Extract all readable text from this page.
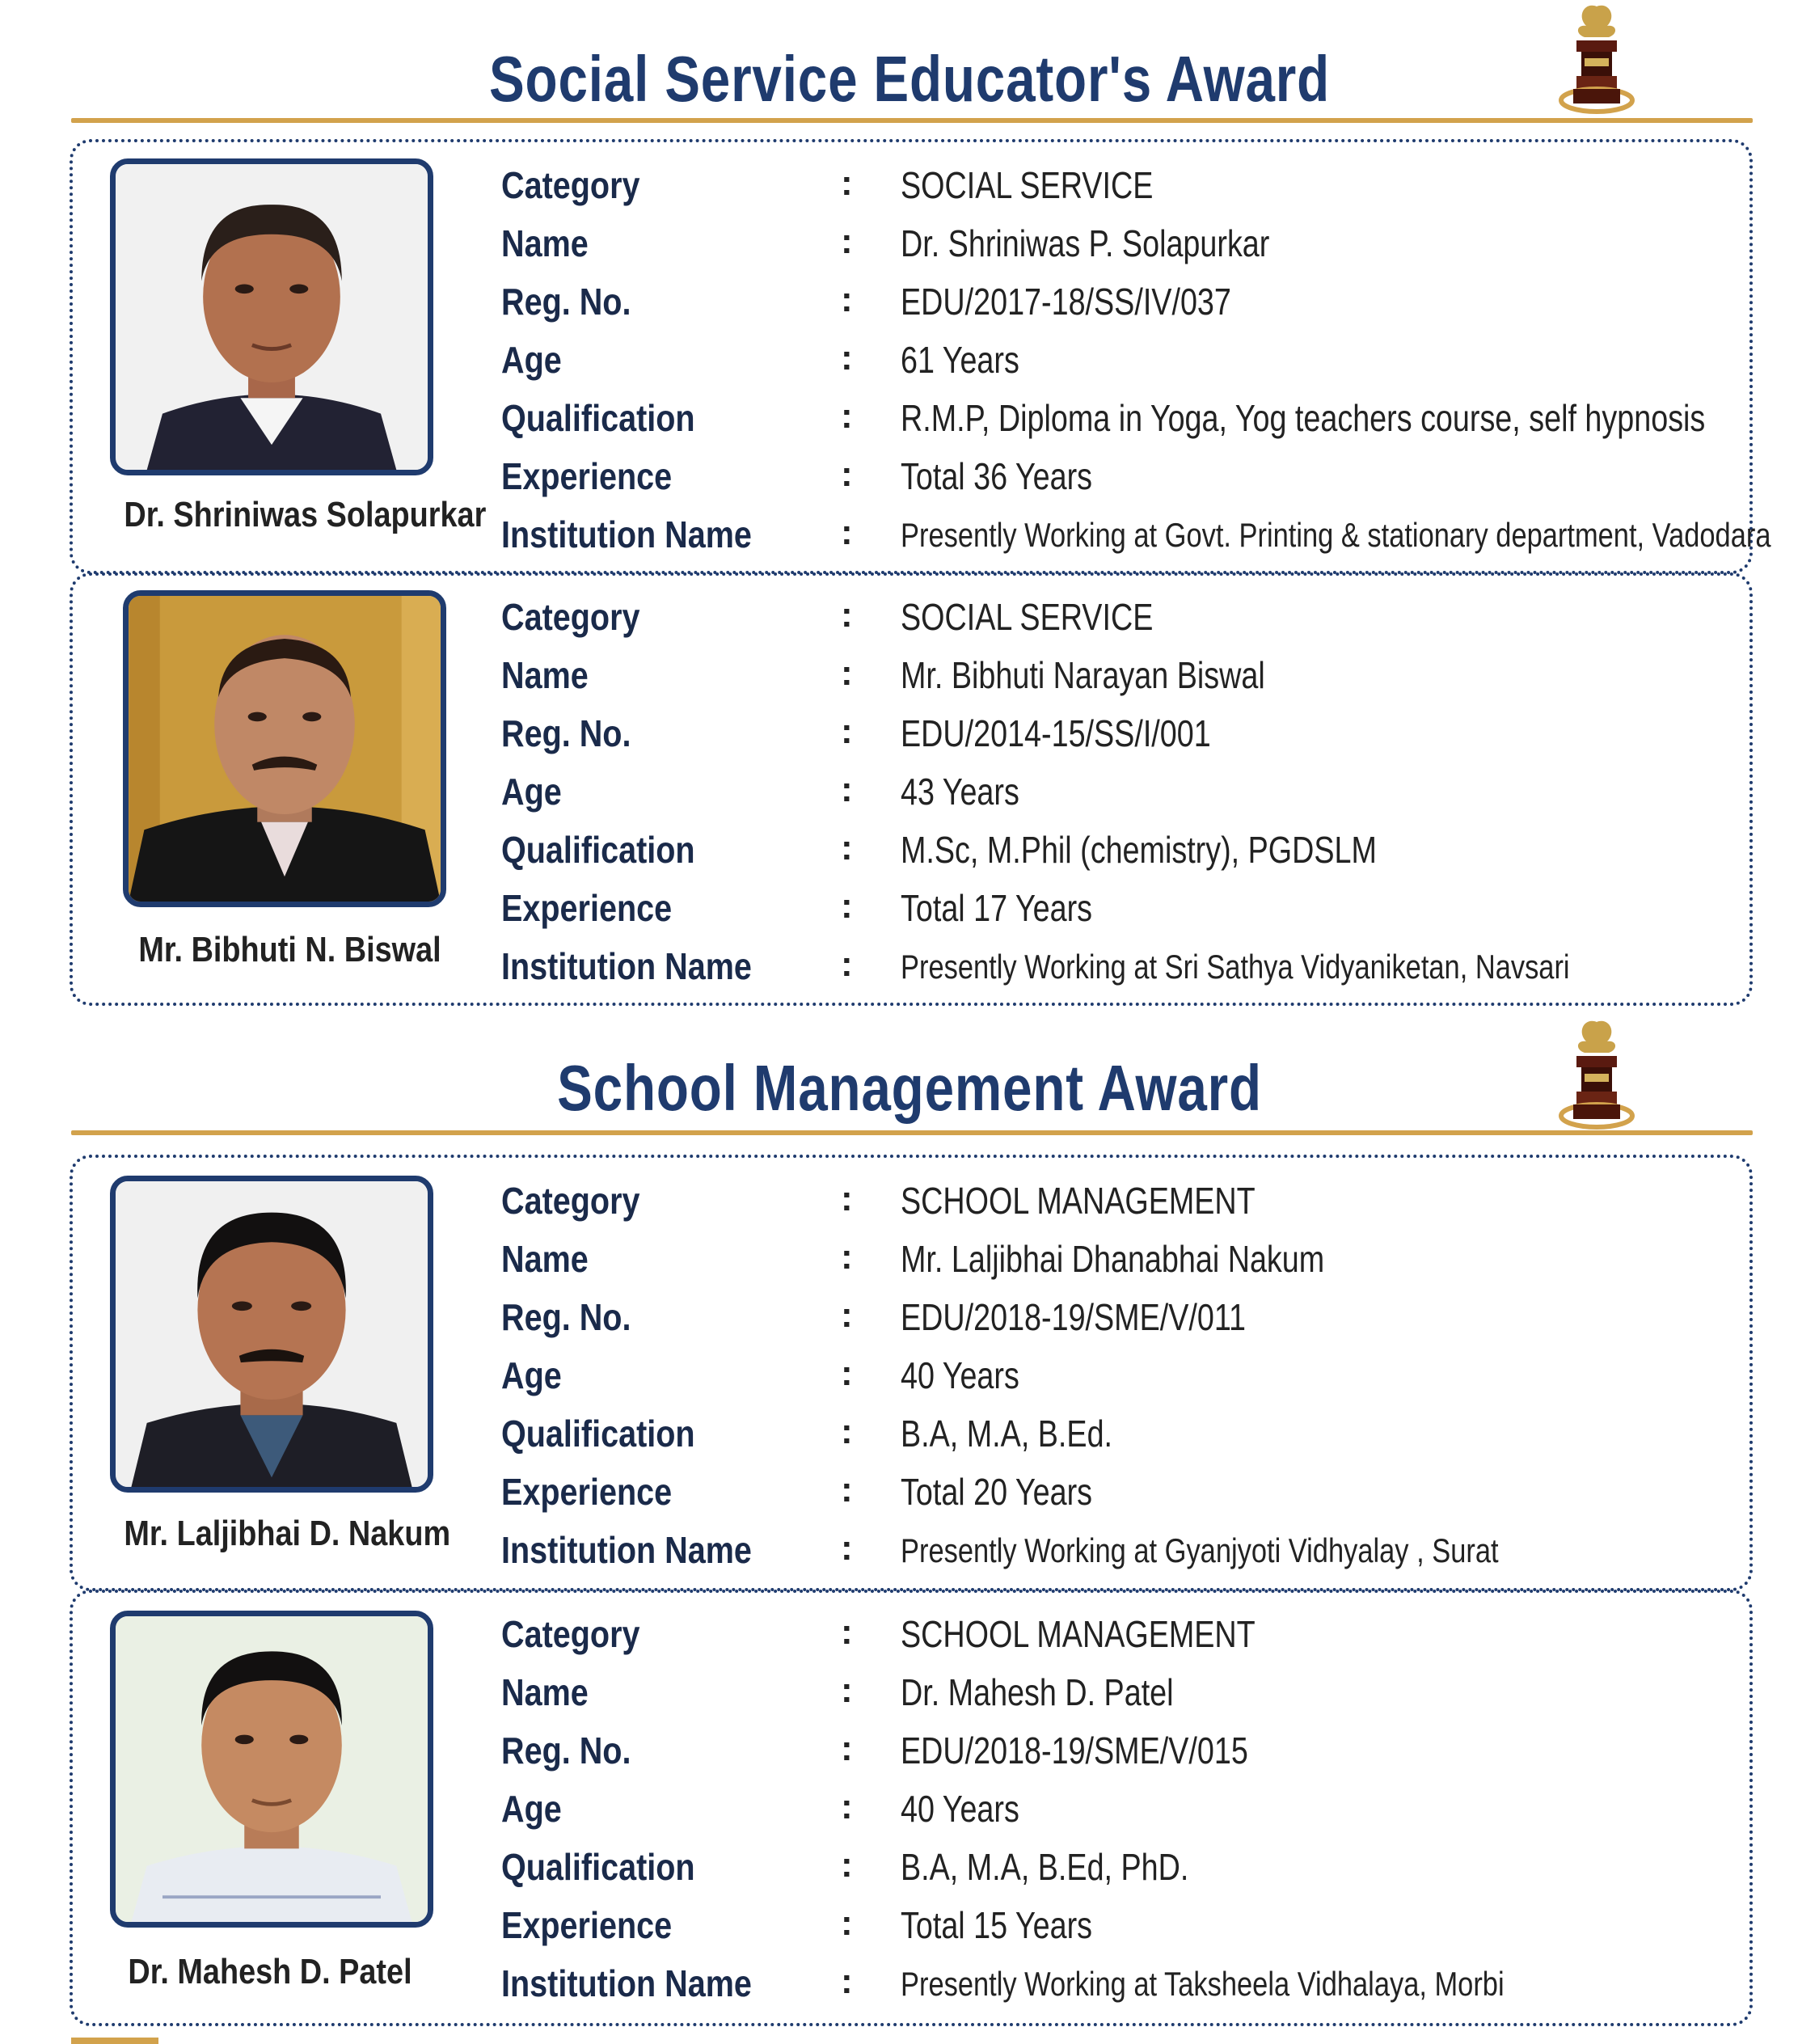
Social Service Educator's Award
Dr. Shriniwas Solapurkar
Category	: SOCIAL SERVICE
Name	: Dr. Shriniwas P. Solapurkar
Reg. No.	: EDU/2017-18/SS/IV/037
Age	: 61 Years
Qualification	: R.M.P, Diploma in Yoga, Yog teachers course, self hypnosis
Experience	: Total 36 Years
Institution Name	: Presently Working at Govt. Printing & stationary department, Vadodara
Mr. Bibhuti N. Biswal
Category	: SOCIAL SERVICE
Name	: Mr. Bibhuti Narayan Biswal
Reg. No.	: EDU/2014-15/SS/I/001
Age	: 43 Years
Qualification	: M.Sc, M.Phil (chemistry), PGDSLM
Experience	: Total 17 Years
Institution Name	: Presently Working at Sri Sathya Vidyaniketan, Navsari
School Management Award
Mr. Laljibhai D. Nakum
Category	: SCHOOL MANAGEMENT
Name	: Mr. Laljibhai Dhanabhai Nakum
Reg. No.	: EDU/2018-19/SME/V/011
Age	: 40 Years
Qualification	: B.A, M.A, B.Ed.
Experience	: Total 20 Years
Institution Name	: Presently Working at Gyanjyoti Vidhyalay , Surat
Dr. Mahesh D. Patel
Category	: SCHOOL MANAGEMENT
Name	: Dr. Mahesh D. Patel
Reg. No.	: EDU/2018-19/SME/V/015
Age	: 40 Years
Qualification	: B.A, M.A, B.Ed, PhD.
Experience	: Total 15 Years
Institution Name	: Presently Working at Taksheela Vidhalaya, Morbi
